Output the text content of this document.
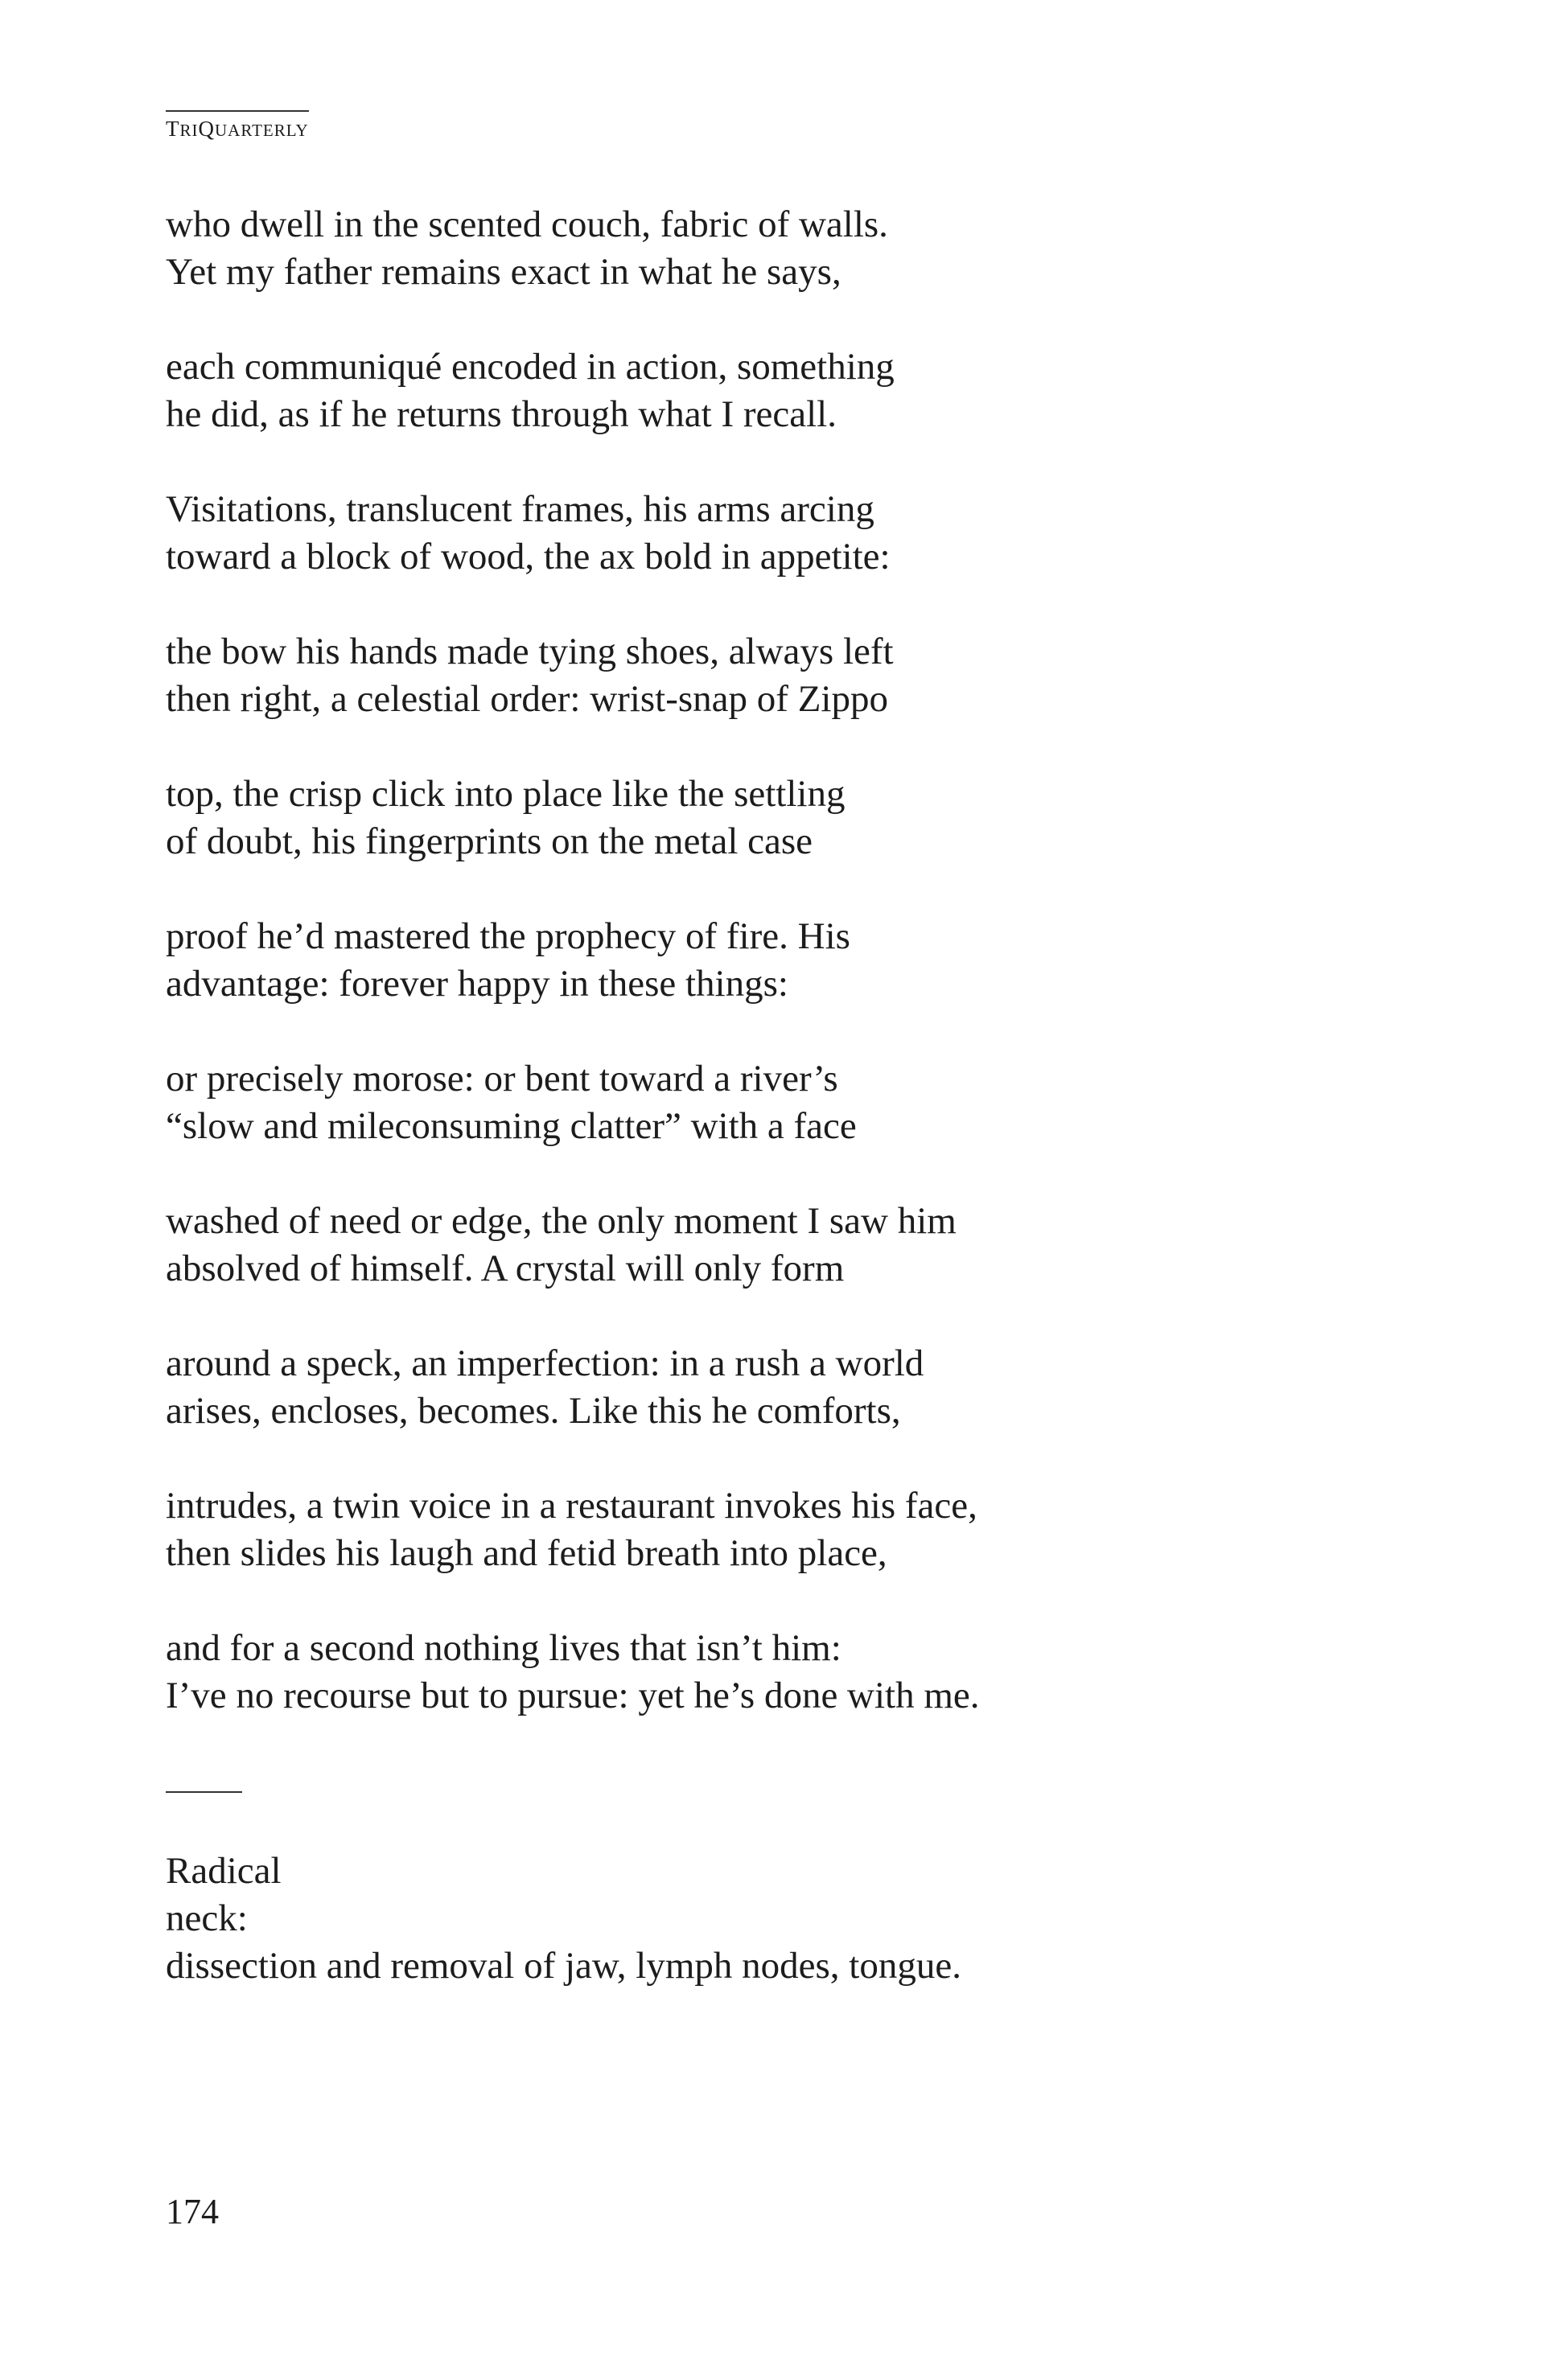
TRIQUARTERLY
who dwell in the scented couch, fabric of walls.
Yet my father remains exact in what he says,
each communiqué encoded in action, something
he did, as if he returns through what I recall.
Visitations, translucent frames, his arms arcing
toward a block of wood, the ax bold in appetite:
the bow his hands made tying shoes, always left
then right, a celestial order: wrist-snap of Zippo
top, the crisp click into place like the settling
of doubt, his fingerprints on the metal case
proof he’d mastered the prophecy of fire. His
advantage: forever happy in these things:
or precisely morose: or bent toward a river’s
“slow and mileconsuming clatter” with a face
washed of need or edge, the only moment I saw him
absolved of himself. A crystal will only form
around a speck, an imperfection: in a rush a world
arises, encloses, becomes. Like this he comforts,
intrudes, a twin voice in a restaurant invokes his face,
then slides his laugh and fetid breath into place,
and for a second nothing lives that isn’t him:
I’ve no recourse but to pursue: yet he’s done with me.
Radical
neck:
dissection and removal of jaw, lymph nodes, tongue.
174
